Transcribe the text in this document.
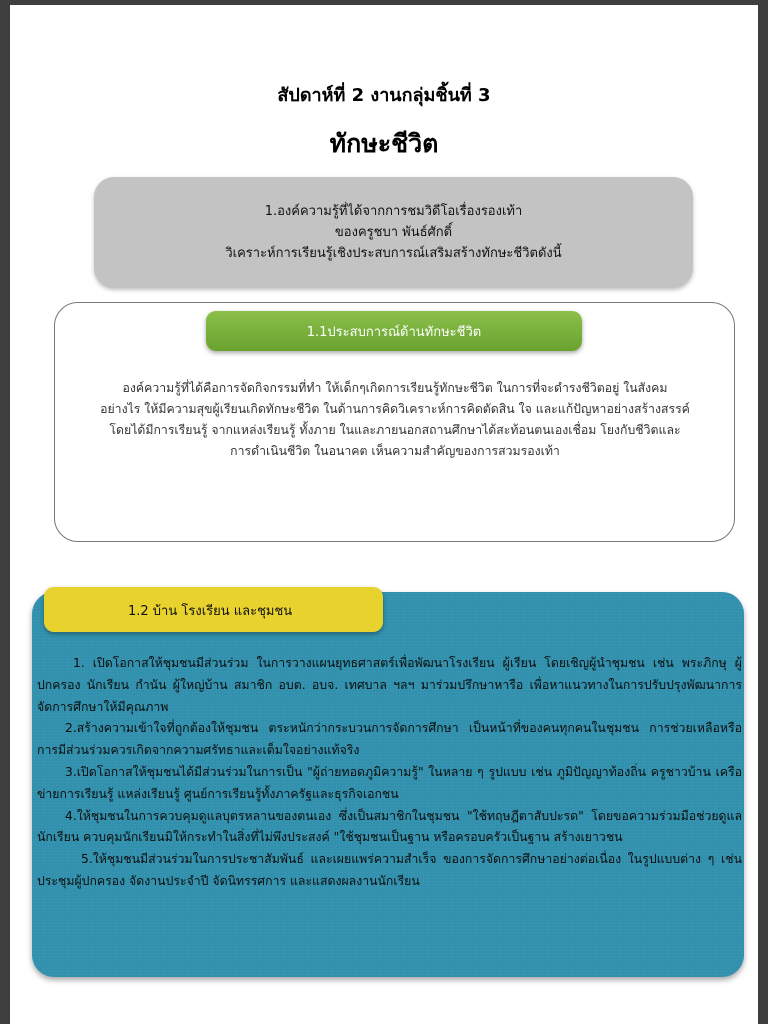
สัปดาห์ที่ 2 งานกลุ่มชิ้นที่ 3
ทักษะชีวิต
1.องค์ความรู้ที่ได้จากการชมวิดีโอเรื่องรองเท้า
ของครูชบา พันธ์ศักดิ์
วิเคราะห์การเรียนรู้เชิงประสบการณ์เสริมสร้างทักษะชีวิตดังนี้
1.1ประสบการณ์ด้านทักษะชีวิต
องค์ความรู้ที่ได้คือการจัดกิจกรรมที่ทำ ให้เด็กๆเกิดการเรียนรู้ทักษะชีวิต ในการที่จะดำรงชีวิตอยู่ ในสังคม
อย่างไร ให้มีความสุขผู้เรียนเกิดทักษะชีวิต ในด้านการคิดวิเคราะห์การคิดตัดสิน ใจ และแก้ปัญหาอย่างสร้างสรรค์
โดยได้มีการเรียนรู้ จากแหล่งเรียนรู้ ทั้งภาย ในและภายนอกสถานศึกษาได้สะท้อนตนเองเชื่อม โยงกับชีวิตและ
การดำเนินชีวิต ในอนาคต เห็นความสำคัญของการสวมรองเท้า
1.2 บ้าน โรงเรียน และชุมชน

1. เปิดโอกาสให้ชุมชนมีส่วนร่วม ในการวางแผนยุทธศาสตร์เพื่อพัฒนาโรงเรียน ผู้เรียน โดยเชิญผู้นำชุมชน เช่น พระภิกษุ ผู้ปกครอง นักเรียน กำนัน ผู้ใหญ่บ้าน สมาชิก อบต. อบจ. เทศบาล ฯลฯ มาร่วมปรึกษาหารือ เพื่อหาแนวทางในการปรับปรุงพัฒนาการจัดการศึกษาให้มีคุณภาพ

2.สร้างความเข้าใจที่ถูกต้องให้ชุมชน ตระหนักว่ากระบวนการจัดการศึกษา เป็นหน้าที่ของคนทุกคนในชุมชน การช่วยเหลือหรือการมีส่วนร่วมควรเกิดจากความศรัทธาและเต็มใจอย่างแท้จริง

3.เปิดโอกาสให้ชุมชนได้มีส่วนร่วมในการเป็น "ผู้ถ่ายทอดภูมิความรู้" ในหลาย ๆ รูปแบบ เช่น ภูมิปัญญาท้องถิ่น ครูชาวบ้าน เครือข่ายการเรียนรู้ แหล่งเรียนรู้ ศูนย์การเรียนรู้ทั้งภาครัฐและธุรกิจเอกชน

4.ให้ชุมชนในการควบคุมดูแลบุตรหลานของตนเอง ซึ่งเป็นสมาชิกในชุมชน "ใช้ทฤษฎีตาสับปะรด" โดยขอความร่วมมือช่วยดูแลนักเรียน ควบคุมนักเรียนมิให้กระทำในสิ่งที่ไม่พึงประสงค์ "ใช้ชุมชนเป็นฐาน หรือครอบครัวเป็นฐาน สร้างเยาวชน

5.ให้ชุมชนมีส่วนร่วมในการประชาสัมพันธ์ และเผยแพร่ความสำเร็จ ของการจัดการศึกษาอย่างต่อเนื่อง ในรูปแบบต่าง ๆ เช่น ประชุมผู้ปกครอง จัดงานประจำปี จัดนิทรรศการ และแสดงผลงานนักเรียน
